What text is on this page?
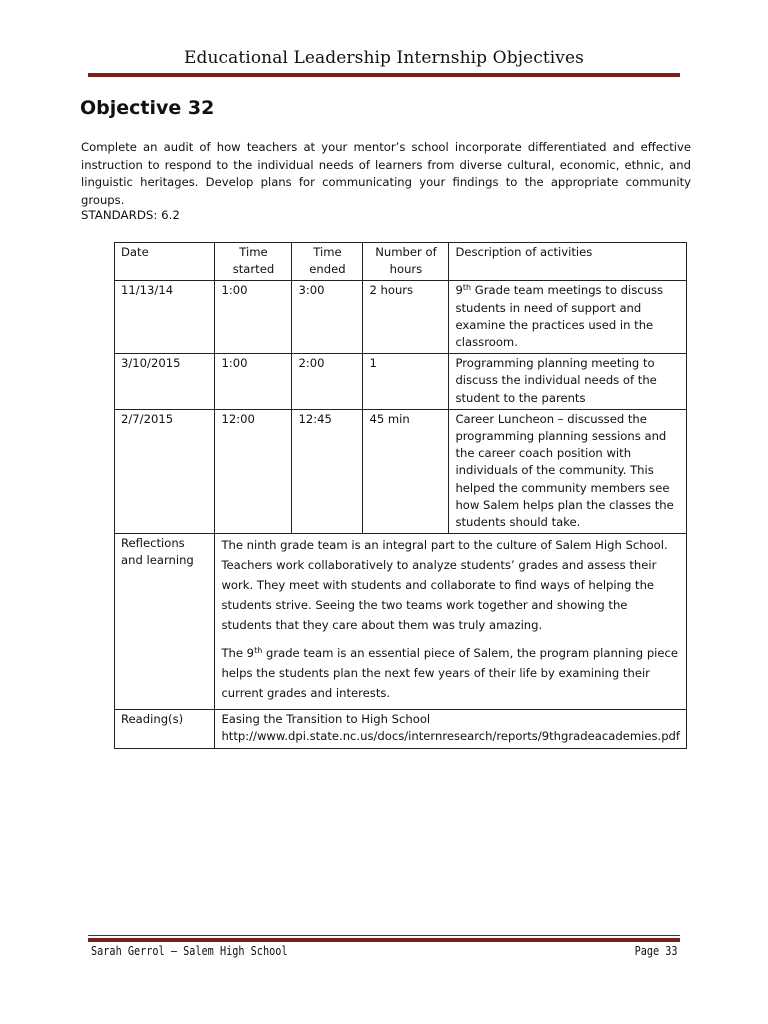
Educational Leadership Internship Objectives
Objective 32
Complete an audit of how teachers at your mentor’s school incorporate differentiated and effective instruction to respond to the individual needs of learners from diverse cultural, economic, ethnic, and linguistic heritages. Develop plans for communicating your findings to the appropriate community groups.
STANDARDS: 6.2
Date	Time started	Time ended	Number of hours	Description of activities
11/13/14	1:00	3:00	2 hours	9th Grade team meetings to discuss students in need of support and examine the practices used in the classroom.
3/10/2015	1:00	2:00	1	Programming planning meeting to discuss the individual needs of the student to the parents
2/7/2015	12:00	12:45	45 min	Career Luncheon – discussed the programming planning sessions and the career coach position with individuals of the community. This helped the community members see how Salem helps plan the classes the students should take.
Reflections and learning	The ninth grade team is an integral part to the culture of Salem High School. Teachers work collaboratively to analyze students’ grades and assess their work. They meet with students and collaborate to find ways of helping the students strive. Seeing the two teams work together and showing the students that they care about them was truly amazing.

The 9th grade team is an essential piece of Salem, the program planning piece helps the students plan the next few years of their life by examining their current grades and interests.			

Reading(s)	Easing the Transition to High School
http://www.dpi.state.nc.us/docs/internresearch/reports/9thgradeacademies.pdf			
Sarah Gerrol – Salem High School	Page 33
